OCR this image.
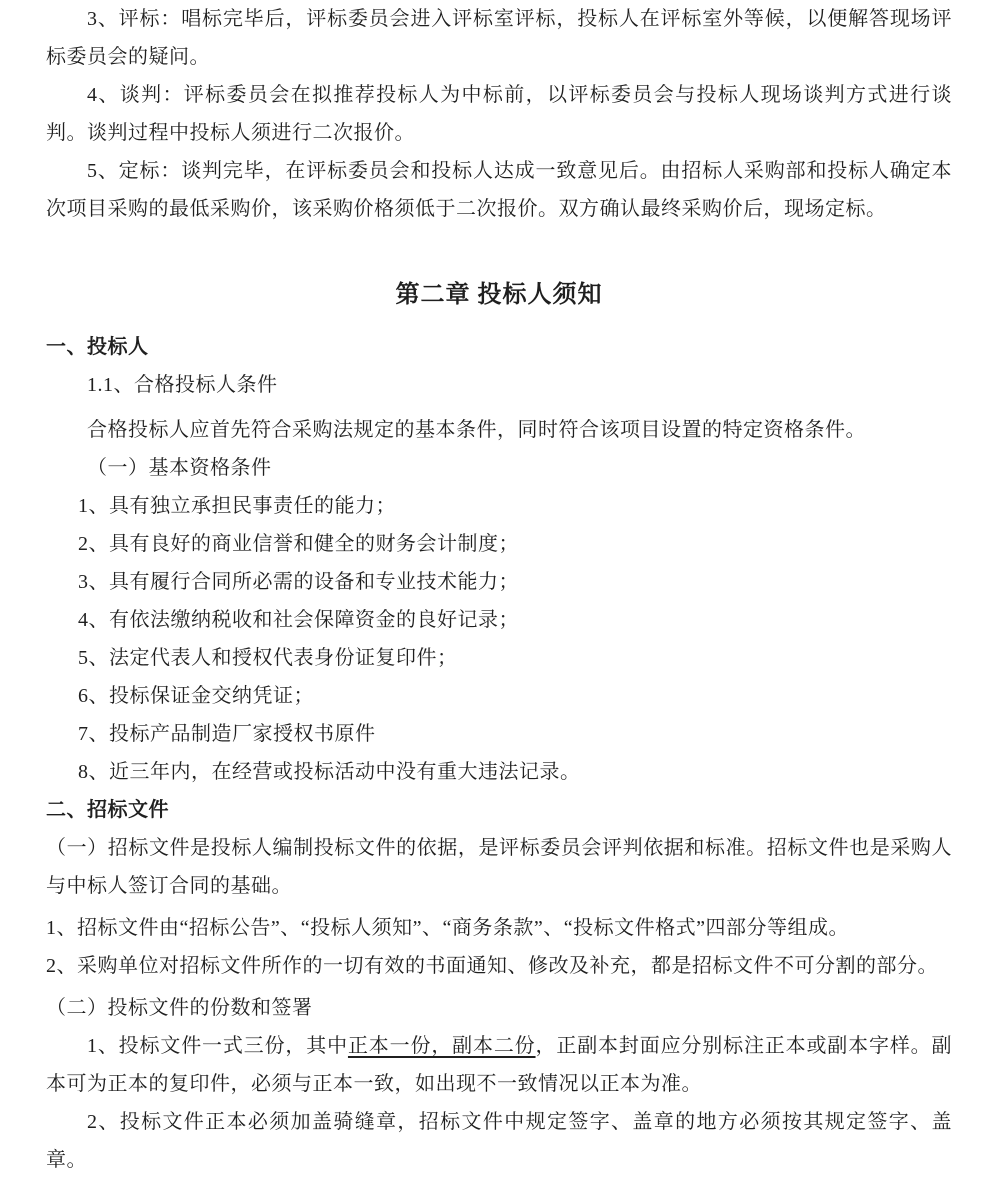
3、评标：唱标完毕后，评标委员会进入评标室评标，投标人在评标室外等候，以便解答现场评标委员会的疑问。

4、谈判：评标委员会在拟推荐投标人为中标前，以评标委员会与投标人现场谈判方式进行谈判。谈判过程中投标人须进行二次报价。

5、定标：谈判完毕，在评标委员会和投标人达成一致意见后。由招标人采购部和投标人确定本次项目采购的最低采购价，该采购价格须低于二次报价。双方确认最终采购价后，现场定标。

第二章 投标人须知
一、投标人

1.1、合格投标人条件

合格投标人应首先符合采购法规定的基本条件，同时符合该项目设置的特定资格条件。

（一）基本资格条件

1、具有独立承担民事责任的能力；

2、具有良好的商业信誉和健全的财务会计制度；

3、具有履行合同所必需的设备和专业技术能力；

4、有依法缴纳税收和社会保障资金的良好记录；

5、法定代表人和授权代表身份证复印件；

6、投标保证金交纳凭证；

7、投标产品制造厂家授权书原件

8、近三年内，在经营或投标活动中没有重大违法记录。

二、招标文件

（一）招标文件是投标人编制投标文件的依据，是评标委员会评判依据和标准。招标文件也是采购人与中标人签订合同的基础。

1、招标文件由“招标公告”、“投标人须知”、“商务条款”、“投标文件格式”四部分等组成。

2、采购单位对招标文件所作的一切有效的书面通知、修改及补充，都是招标文件不可分割的部分。

（二）投标文件的份数和签署

1、投标文件一式三份，其中正本一份，副本二份，正副本封面应分别标注正本或副本字样。副本可为正本的复印件，必须与正本一致，如出现不一致情况以正本为准。

2、投标文件正本必须加盖骑缝章，招标文件中规定签字、盖章的地方必须按其规定签字、盖章。
